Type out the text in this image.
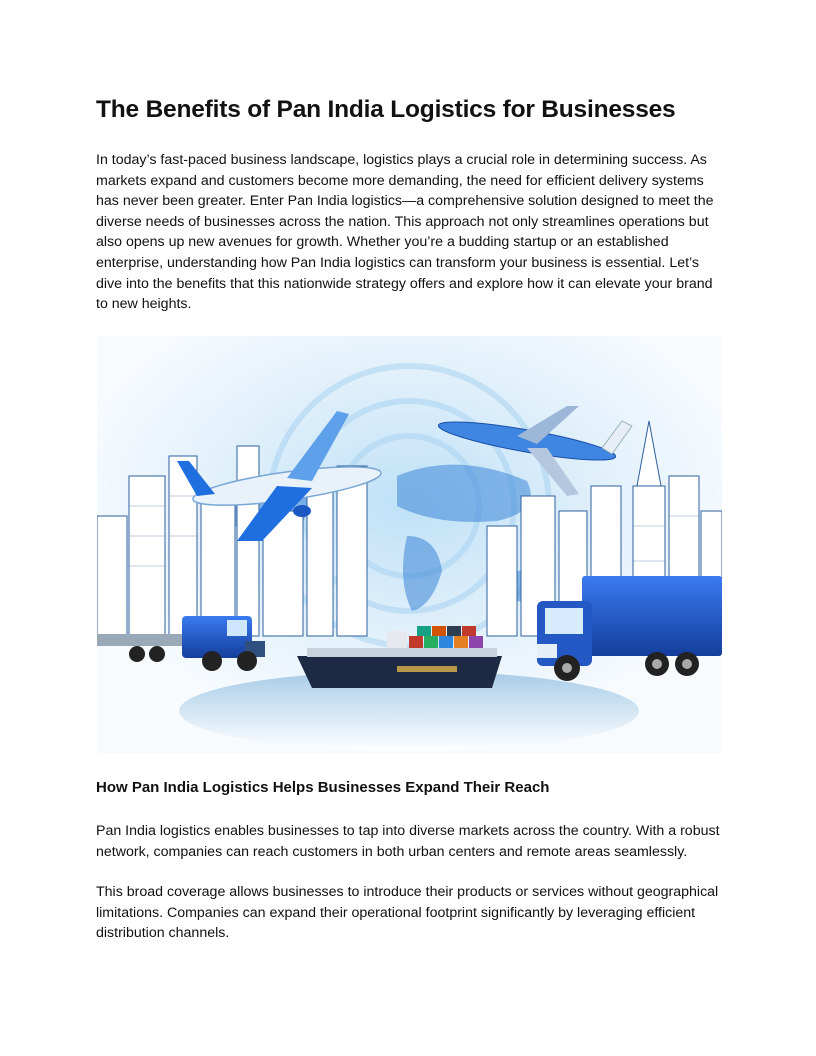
The Benefits of Pan India Logistics for Businesses

In today’s fast-paced business landscape, logistics plays a crucial role in determining success. As markets expand and customers become more demanding, the need for efficient delivery systems has never been greater. Enter Pan India logistics—a comprehensive solution designed to meet the diverse needs of businesses across the nation. This approach not only streamlines operations but also opens up new avenues for growth. Whether you’re a budding startup or an established enterprise, understanding how Pan India logistics can transform your business is essential. Let’s dive into the benefits that this nationwide strategy offers and explore how it can elevate your brand to new heights.

How Pan India Logistics Helps Businesses Expand Their Reach

Pan India logistics enables businesses to tap into diverse markets across the country. With a robust network, companies can reach customers in both urban centers and remote areas seamlessly.

This broad coverage allows businesses to introduce their products or services without geographical limitations. Companies can expand their operational footprint significantly by leveraging efficient distribution channels.
